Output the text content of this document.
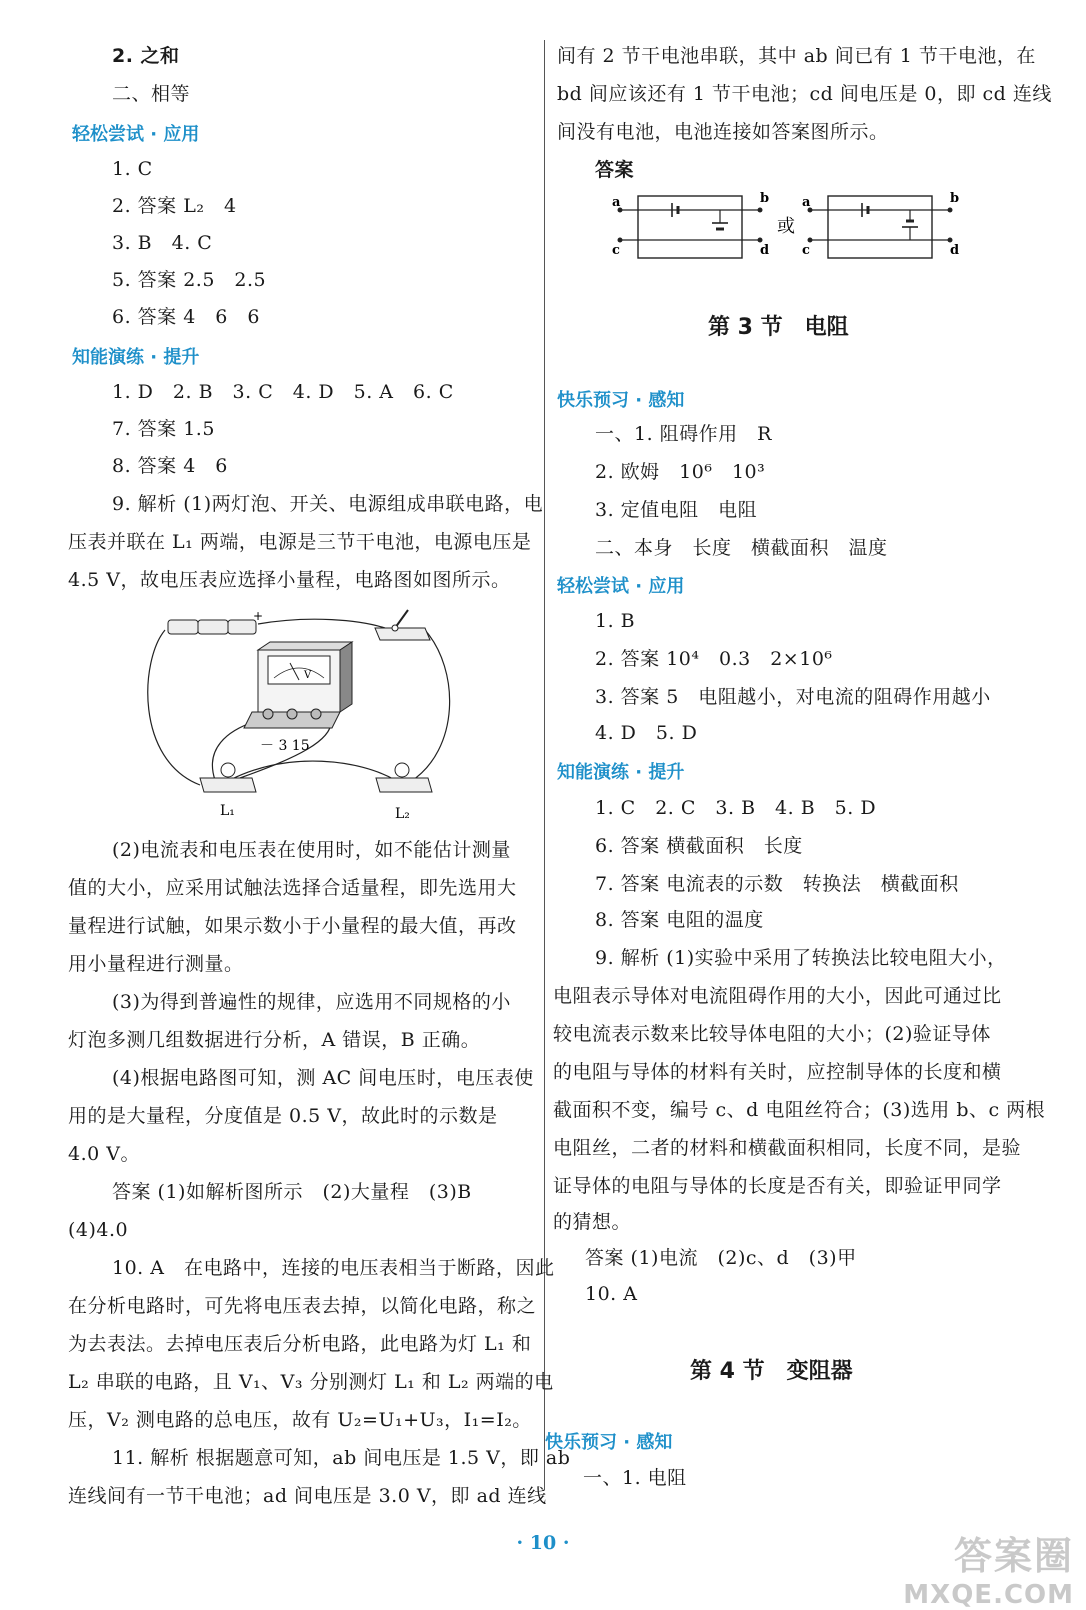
2. 之和
二、相等
轻松尝试 · 应用
1. C
2. 答案 L₂　4
3. B　4. C
5. 答案 2.5　2.5
6. 答案 4　6　6
知能演练 · 提升
1. D　2. B　3. C　4. D　5. A　6. C
7. 答案 1.5
8. 答案 4　6
9. 解析 (1)两灯泡、开关、电源组成串联电路，电
压表并联在 L₁ 两端，电源是三节干电池，电源电压是
4.5 V，故电压表应选择小量程，电路图如图所示。
+
V
－ 3 15
L₁	L₂
(2)电流表和电压表在使用时，如不能估计测量
值的大小，应采用试触法选择合适量程，即先选用大
量程进行试触，如果示数小于小量程的最大值，再改
用小量程进行测量。
(3)为得到普遍性的规律，应选用不同规格的小
灯泡多测几组数据进行分析，A 错误，B 正确。
(4)根据电路图可知，测 AC 间电压时，电压表使
用的是大量程，分度值是 0.5 V，故此时的示数是
4.0 V。
答案 (1)如解析图所示　(2)大量程　(3)B
(4)4.0
10. A　在电路中，连接的电压表相当于断路，因此
在分析电路时，可先将电压表去掉，以简化电路，称之
为去表法。去掉电压表后分析电路，此电路为灯 L₁ 和
L₂ 串联的电路，且 V₁、V₃ 分别测灯 L₁ 和 L₂ 两端的电
压，V₂ 测电路的总电压，故有 U₂=U₁+U₃，I₁=I₂。
11. 解析 根据题意可知，ab 间电压是 1.5 V，即 ab
连线间有一节干电池；ad 间电压是 3.0 V，即 ad 连线
间有 2 节干电池串联，其中 ab 间已有 1 节干电池，在
bd 间应该还有 1 节干电池；cd 间电压是 0，即 cd 连线
间没有电池，电池连接如答案图所示。
答案
a
c
b
d
或
a
c
b
d
第 3 节　电阻
快乐预习 · 感知
一、1. 阻碍作用　R
2. 欧姆　10⁶　10³
3. 定值电阻　电阻
二、本身　长度　横截面积　温度
轻松尝试 · 应用
1. B
2. 答案 10⁴　0.3　2×10⁶
3. 答案 5　电阻越小，对电流的阻碍作用越小
4. D　5. D
知能演练 · 提升
1. C　2. C　3. B　4. B　5. D
6. 答案 横截面积　长度
7. 答案 电流表的示数　转换法　横截面积
8. 答案 电阻的温度
9. 解析 (1)实验中采用了转换法比较电阻大小，
电阻表示导体对电流阻碍作用的大小，因此可通过比
较电流表示数来比较导体电阻的大小；(2)验证导体
的电阻与导体的材料有关时，应控制导体的长度和横
截面积不变，编号 c、d 电阻丝符合；(3)选用 b、c 两根
电阻丝，二者的材料和横截面积相同，长度不同，是验
证导体的电阻与导体的长度是否有关，即验证甲同学
的猜想。
答案 (1)电流　(2)c、d　(3)甲
10. A
第 4 节　变阻器
快乐预习 · 感知
一、1. 电阻
· 10 ·	答案圈
MXQE.COM
